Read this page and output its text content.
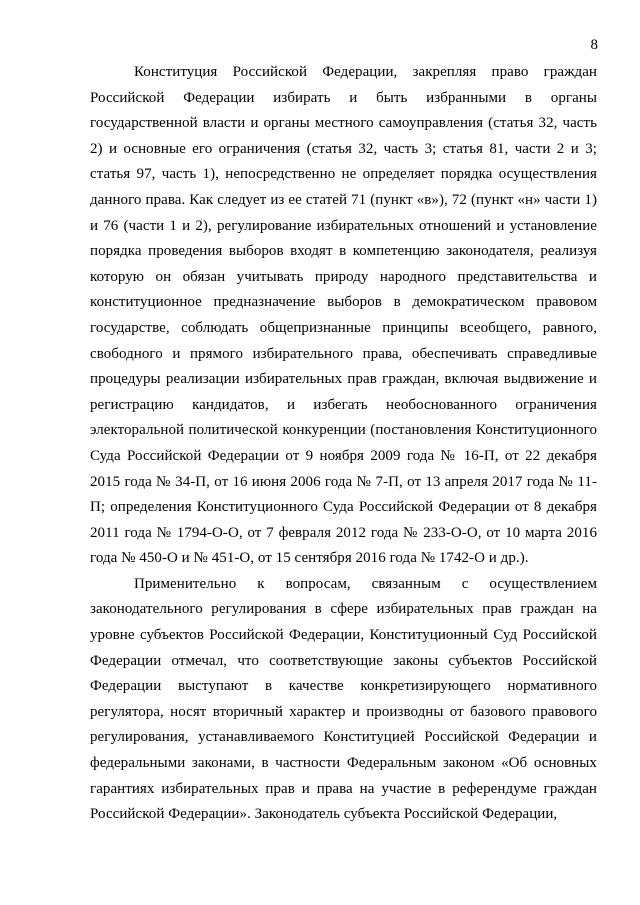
8

Конституция Российской Федерации, закрепляя право граждан Российской Федерации избирать и быть избранными в органы государственной власти и органы местного самоуправления (статья 32, часть 2) и основные его ограничения (статья 32, часть 3; статья 81, части 2 и 3; статья 97, часть 1), непосредственно не определяет порядка осуществления данного права. Как следует из ее статей 71 (пункт «в»), 72 (пункт «н» части 1) и 76 (части 1 и 2), регулирование избирательных отношений и установление порядка проведения выборов входят в компетенцию законодателя, реализуя которую он обязан учитывать природу народного представительства и конституционное предназначение выборов в демократическом правовом государстве, соблюдать общепризнанные принципы всеобщего, равного, свободного и прямого избирательного права, обеспечивать справедливые процедуры реализации избирательных прав граждан, включая выдвижение и регистрацию кандидатов, и избегать необоснованного ограничения электоральной политической конкуренции (постановления Конституционного Суда Российской Федерации от 9 ноября 2009 года № 16-П, от 22 декабря 2015 года № 34-П, от 16 июня 2006 года № 7-П, от 13 апреля 2017 года № 11-П; определения Конституционного Суда Российской Федерации от 8 декабря 2011 года № 1794-О-О, от 7 февраля 2012 года № 233-О-О, от 10 марта 2016 года № 450-О и № 451-О, от 15 сентября 2016 года № 1742-О и др.).

Применительно к вопросам, связанным с осуществлением законодательного регулирования в сфере избирательных прав граждан на уровне субъектов Российской Федерации, Конституционный Суд Российской Федерации отмечал, что соответствующие законы субъектов Российской Федерации выступают в качестве конкретизирующего нормативного регулятора, носят вторичный характер и производны от базового правового регулирования, устанавливаемого Конституцией Российской Федерации и федеральными законами, в частности Федеральным законом «Об основных гарантиях избирательных прав и права на участие в референдуме граждан Российской Федерации». Законодатель субъекта Российской Федерации,
